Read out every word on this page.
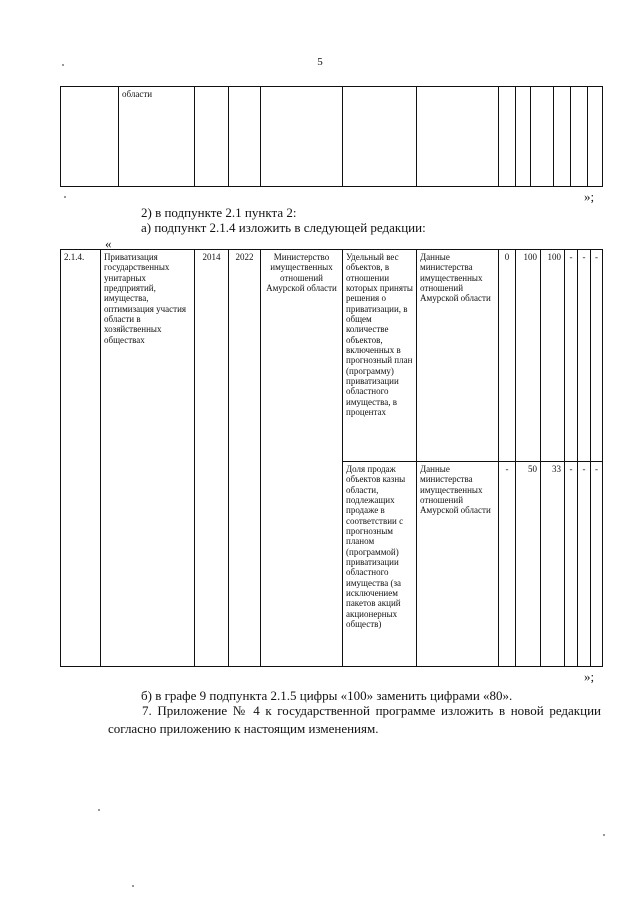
5
	области											
»;
2) в подпункте 2.1 пункта 2:
а) подпункт 2.1.4 изложить в следующей редакции:
«
2.1.4.	Приватизация государственных унитарных предприятий, имущества, оптимизация участия области в хозяйственных обществах	2014	2022	Министерство имущественных отношений Амурской области	Удельный вес объектов, в отношении которых приняты решения о приватизации, в общем количестве объектов, включенных в прогнозный план (программу) приватизации областного имущества, в процентах	Данные министерства имущественных отношений Амурской области	0	100	100	-	-	-
					Доля продаж объектов казны области, подлежащих продаже в соответствии с прогнозным планом (программой) приватизации областного имущества (за исключением пакетов акций акционерных обществ)	Данные министерства имущественных отношений Амурской области	-	50	33	-	-	-
»;
б) в графе 9 подпункта 2.1.5 цифры «100» заменить цифрами «80».
7. Приложение № 4 к государственной программе изложить в новой редакции согласно приложению к настоящим изменениям.
